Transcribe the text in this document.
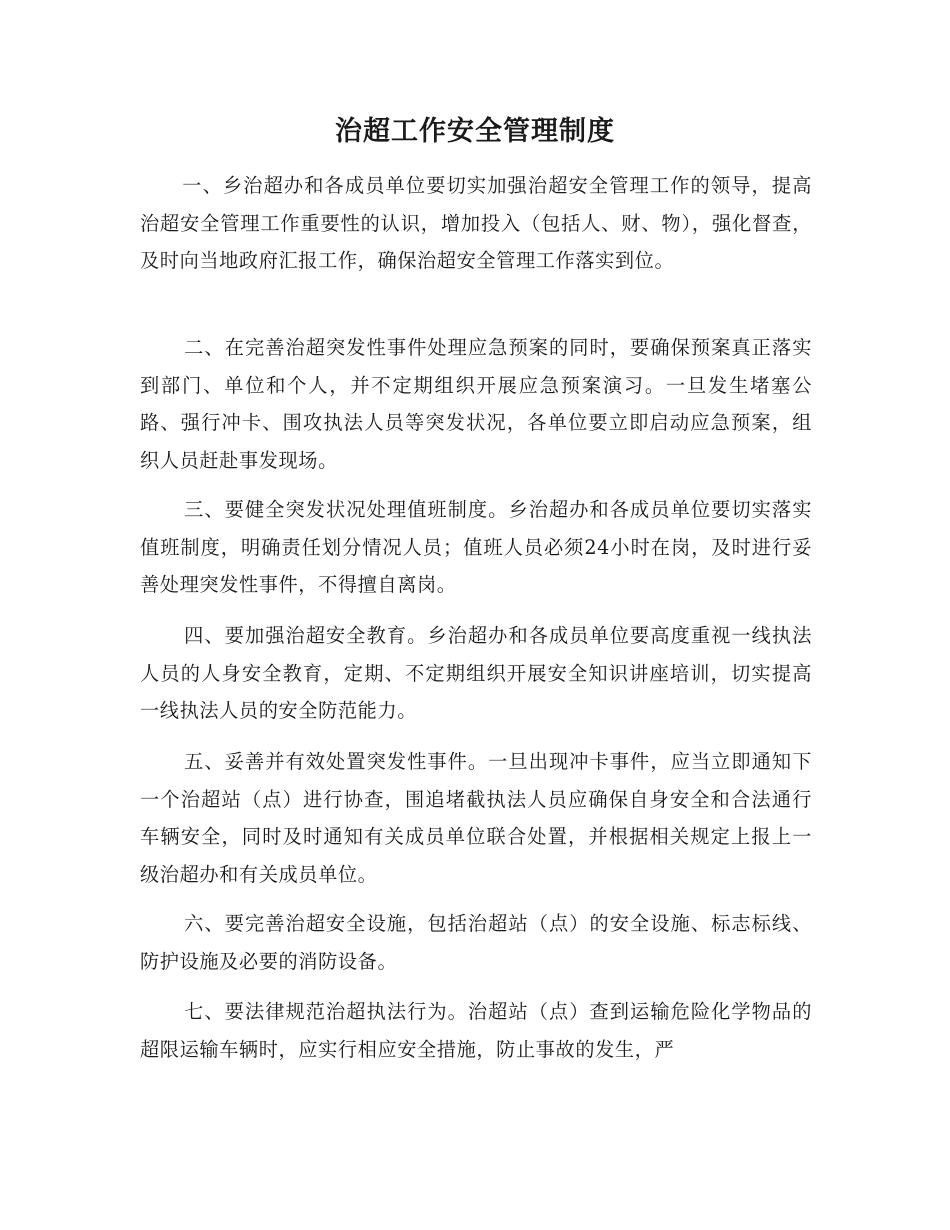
治超工作安全管理制度

一、乡治超办和各成员单位要切实加强治超安全管理工作的领导，提高治超安全管理工作重要性的认识，增加投入（包括人、财、物），强化督查，及时向当地政府汇报工作，确保治超安全管理工作落实到位。

二、在完善治超突发性事件处理应急预案的同时，要确保预案真正落实到部门、单位和个人，并不定期组织开展应急预案演习。一旦发生堵塞公路、强行冲卡、围攻执法人员等突发状况，各单位要立即启动应急预案，组织人员赶赴事发现场。

三、要健全突发状况处理值班制度。乡治超办和各成员单位要切实落实值班制度，明确责任划分情况人员；值班人员必须24小时在岗，及时进行妥善处理突发性事件，不得擅自离岗。

四、要加强治超安全教育。乡治超办和各成员单位要高度重视一线执法人员的人身安全教育，定期、不定期组织开展安全知识讲座培训，切实提高一线执法人员的安全防范能力。

五、妥善并有效处置突发性事件。一旦出现冲卡事件，应当立即通知下一个治超站（点）进行协查，围追堵截执法人员应确保自身安全和合法通行车辆安全，同时及时通知有关成员单位联合处置，并根据相关规定上报上一级治超办和有关成员单位。

六、要完善治超安全设施，包括治超站（点）的安全设施、标志标线、防护设施及必要的消防设备。

七、要法律规范治超执法行为。治超站（点）查到运输危险化学物品的超限运输车辆时，应实行相应安全措施，防止事故的发生，严
